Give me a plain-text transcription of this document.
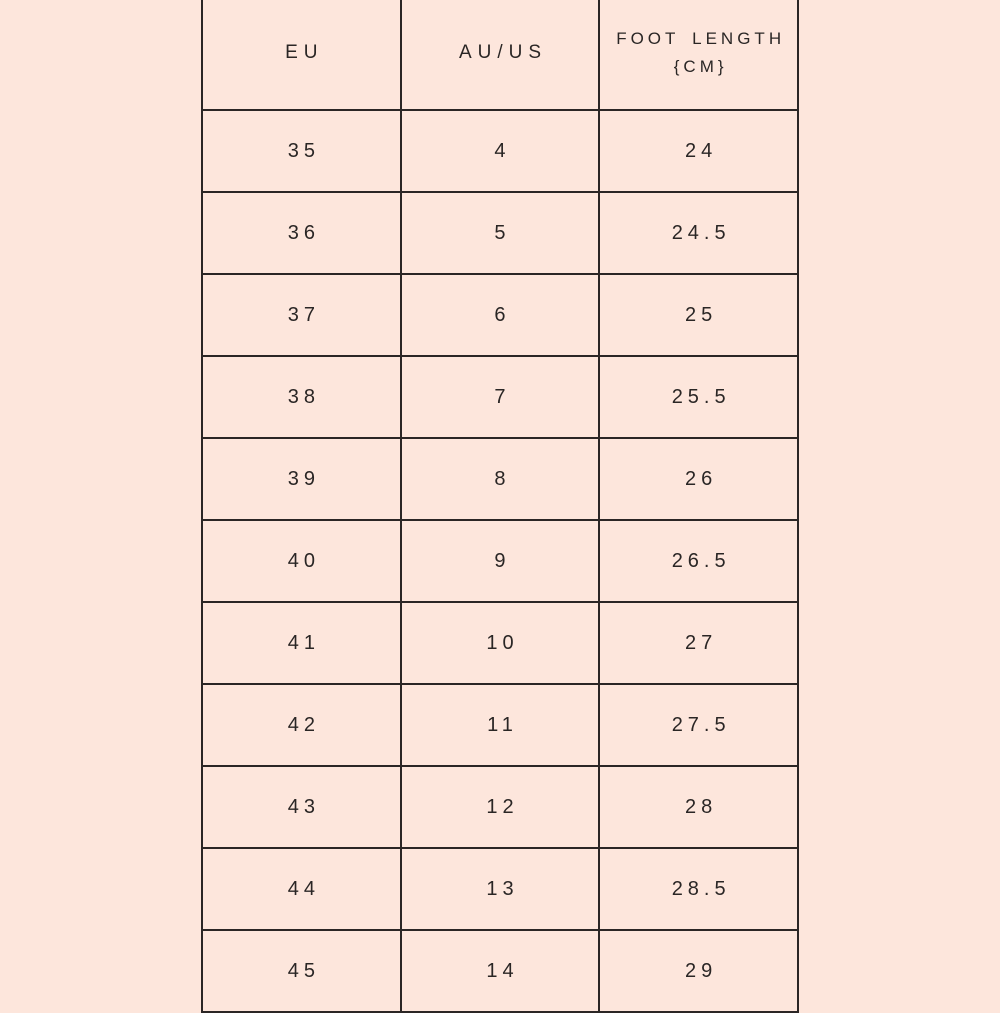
EU	AU/US	FOOT LENGTH {CM}
35	4	24
36	5	24.5
37	6	25
38	7	25.5
39	8	26
40	9	26.5
41	10	27
42	11	27.5
43	12	28
44	13	28.5
45	14	29
